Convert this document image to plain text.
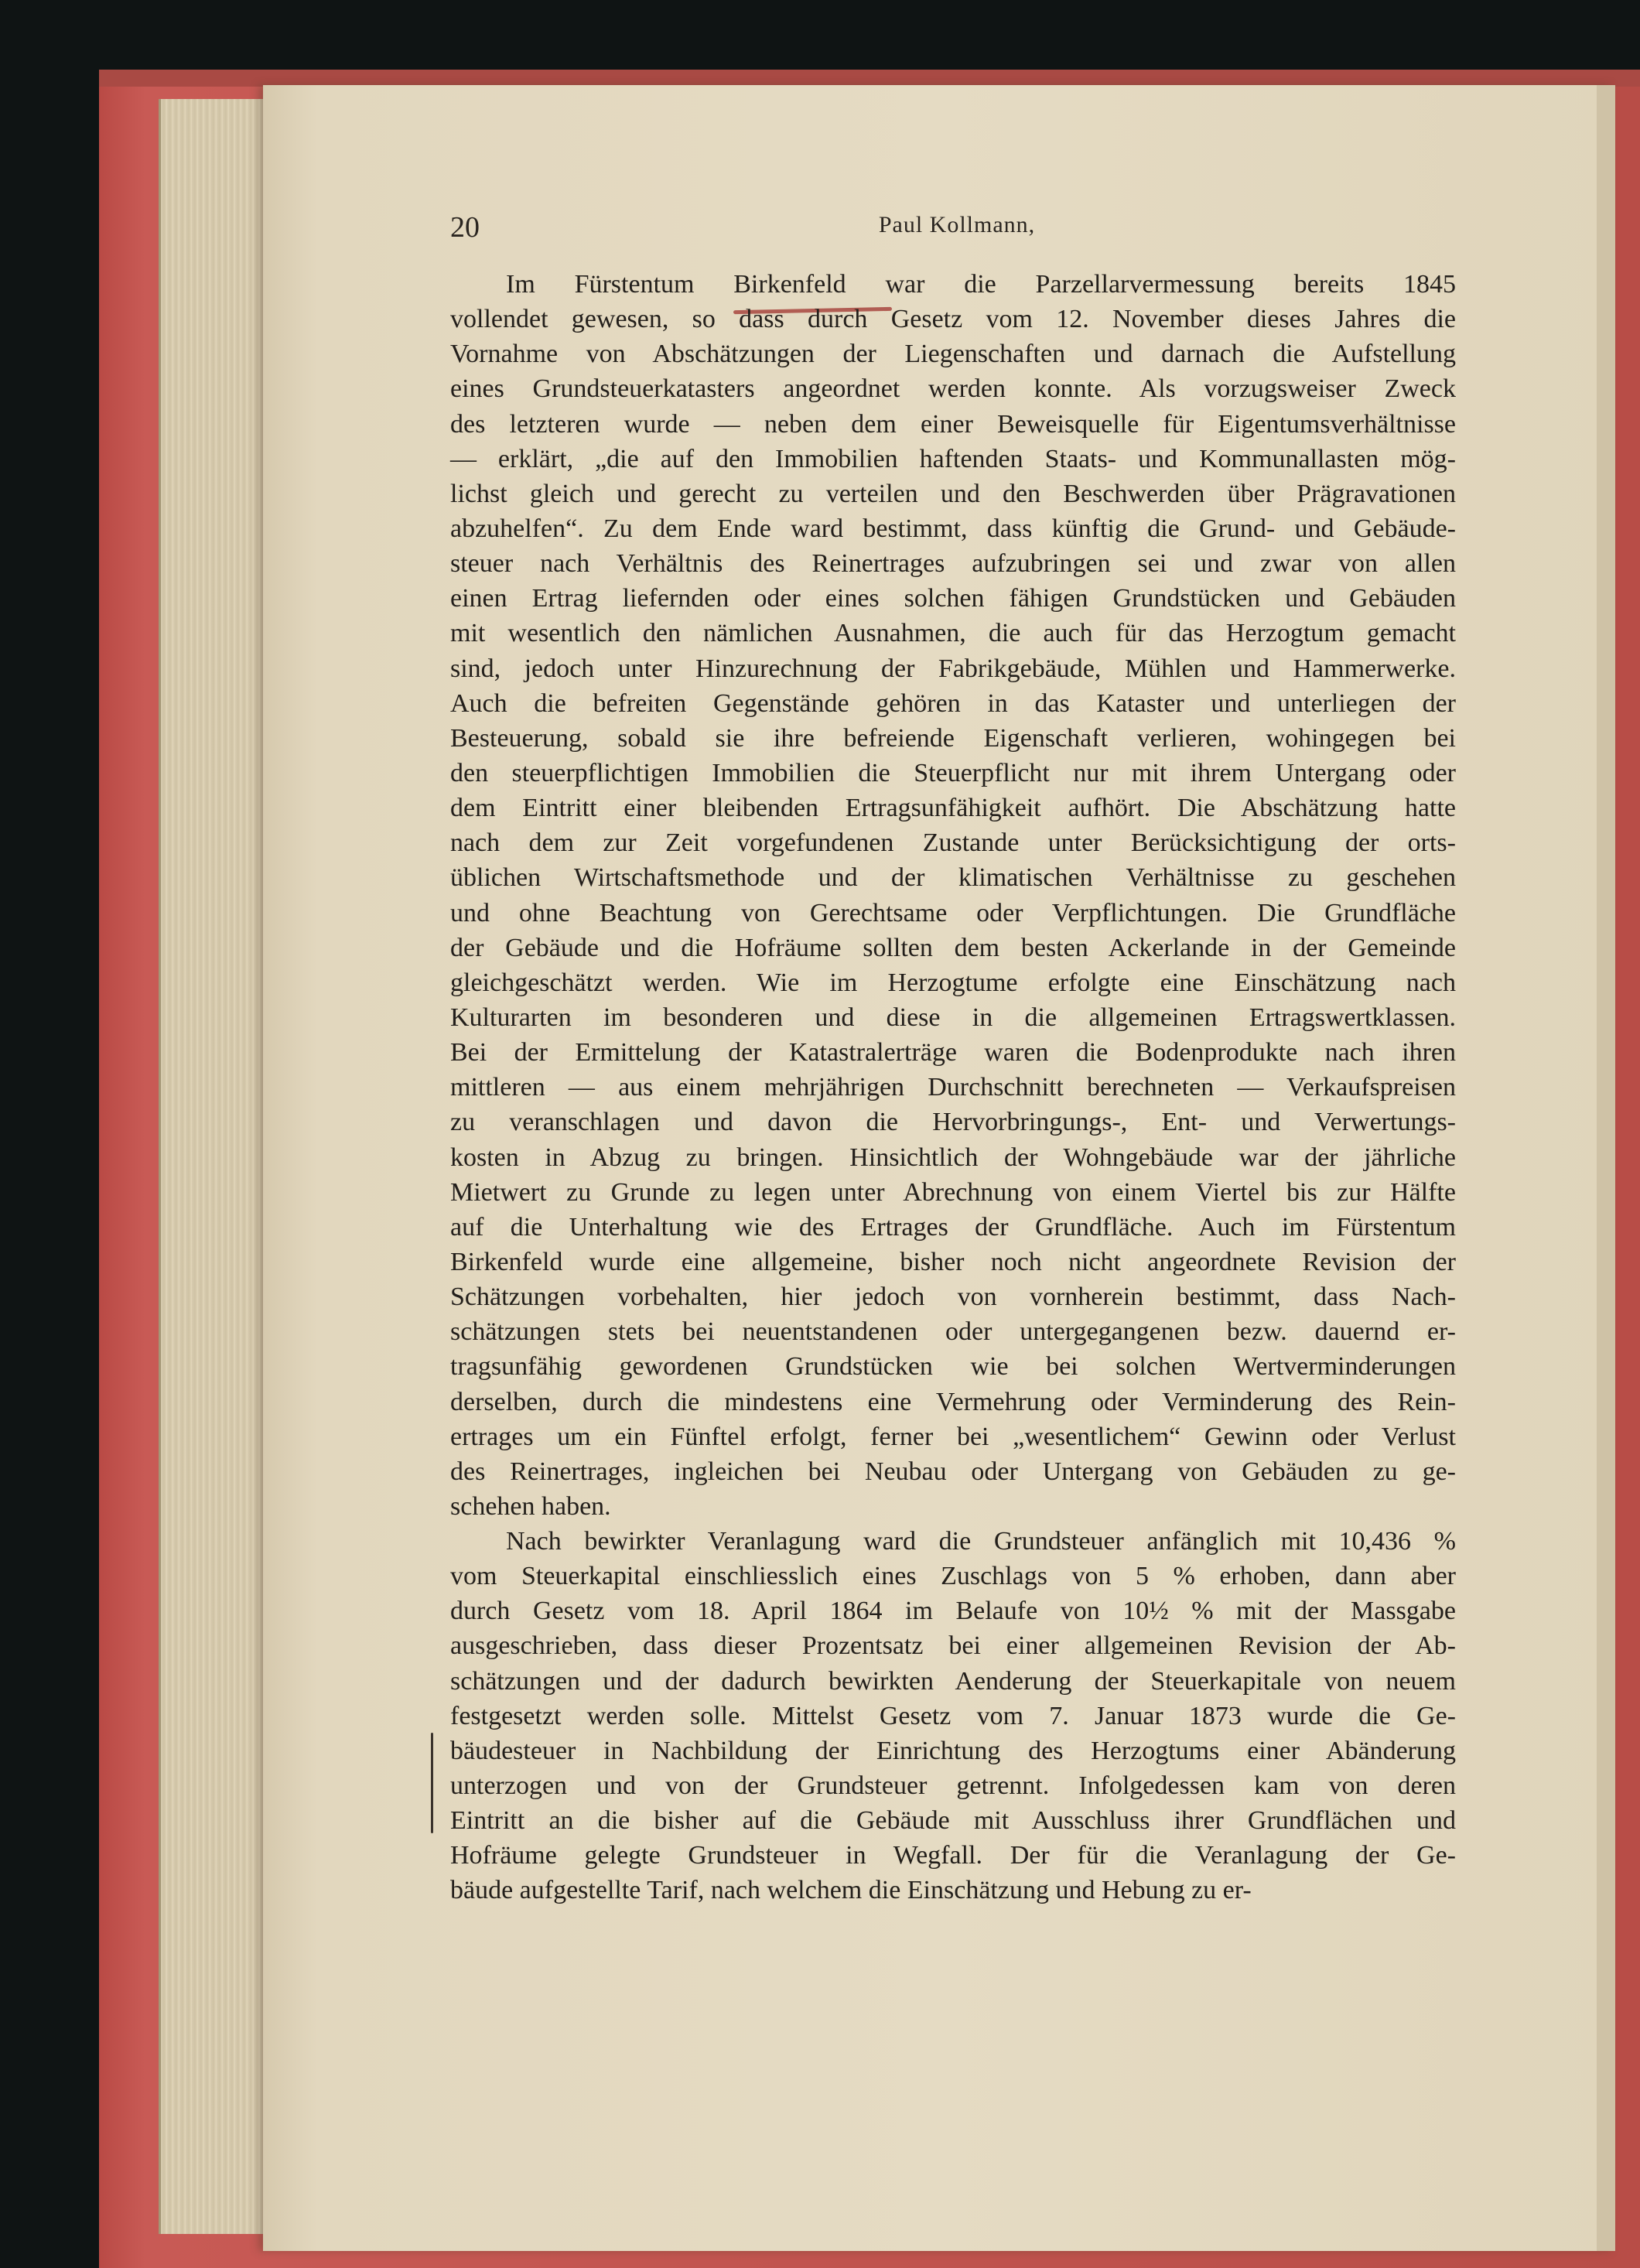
20	Paul Kollmann,
Im Fürstentum Birkenfeld war die Parzellarvermessung bereits 1845
vollendet gewesen, so dass durch Gesetz vom 12. November dieses Jahres die
Vornahme von Abschätzungen der Liegenschaften und darnach die Aufstellung
eines Grundsteuerkatasters angeordnet werden konnte. Als vorzugsweiser Zweck
des letzteren wurde — neben dem einer Beweisquelle für Eigentumsverhältnisse
— erklärt, „die auf den Immobilien haftenden Staats- und Kommunallasten mög-
lichst gleich und gerecht zu verteilen und den Beschwerden über Prägravationen
abzuhelfen“. Zu dem Ende ward bestimmt, dass künftig die Grund- und Gebäude-
steuer nach Verhältnis des Reinertrages aufzubringen sei und zwar von allen
einen Ertrag liefernden oder eines solchen fähigen Grundstücken und Gebäuden
mit wesentlich den nämlichen Ausnahmen, die auch für das Herzogtum gemacht
sind, jedoch unter Hinzurechnung der Fabrikgebäude, Mühlen und Hammerwerke.
Auch die befreiten Gegenstände gehören in das Kataster und unterliegen der
Besteuerung, sobald sie ihre befreiende Eigenschaft verlieren, wohingegen bei
den steuerpflichtigen Immobilien die Steuerpflicht nur mit ihrem Untergang oder
dem Eintritt einer bleibenden Ertragsunfähigkeit aufhört. Die Abschätzung hatte
nach dem zur Zeit vorgefundenen Zustande unter Berücksichtigung der orts-
üblichen Wirtschaftsmethode und der klimatischen Verhältnisse zu geschehen
und ohne Beachtung von Gerechtsame oder Verpflichtungen. Die Grundfläche
der Gebäude und die Hofräume sollten dem besten Ackerlande in der Gemeinde
gleichgeschätzt werden. Wie im Herzogtume erfolgte eine Einschätzung nach
Kulturarten im besonderen und diese in die allgemeinen Ertragswertklassen.
Bei der Ermittelung der Katastralerträge waren die Bodenprodukte nach ihren
mittleren — aus einem mehrjährigen Durchschnitt berechneten — Verkaufspreisen
zu veranschlagen und davon die Hervorbringungs-, Ent- und Verwertungs-
kosten in Abzug zu bringen. Hinsichtlich der Wohngebäude war der jährliche
Mietwert zu Grunde zu legen unter Abrechnung von einem Viertel bis zur Hälfte
auf die Unterhaltung wie des Ertrages der Grundfläche. Auch im Fürstentum
Birkenfeld wurde eine allgemeine, bisher noch nicht angeordnete Revision der
Schätzungen vorbehalten, hier jedoch von vornherein bestimmt, dass Nach-
schätzungen stets bei neuentstandenen oder untergegangenen bezw. dauernd er-
tragsunfähig gewordenen Grundstücken wie bei solchen Wertverminderungen
derselben, durch die mindestens eine Vermehrung oder Verminderung des Rein-
ertrages um ein Fünftel erfolgt, ferner bei „wesentlichem“ Gewinn oder Verlust
des Reinertrages, ingleichen bei Neubau oder Untergang von Gebäuden zu ge-
schehen haben.
Nach bewirkter Veranlagung ward die Grundsteuer anfänglich mit 10,436 %
vom Steuerkapital einschliesslich eines Zuschlags von 5 % erhoben, dann aber
durch Gesetz vom 18. April 1864 im Belaufe von 10½ % mit der Massgabe
ausgeschrieben, dass dieser Prozentsatz bei einer allgemeinen Revision der Ab-
schätzungen und der dadurch bewirkten Aenderung der Steuerkapitale von neuem
festgesetzt werden solle. Mittelst Gesetz vom 7. Januar 1873 wurde die Ge-
bäudesteuer in Nachbildung der Einrichtung des Herzogtums einer Abänderung
unterzogen und von der Grundsteuer getrennt. Infolgedessen kam von deren
Eintritt an die bisher auf die Gebäude mit Ausschluss ihrer Grundflächen und
Hofräume gelegte Grundsteuer in Wegfall. Der für die Veranlagung der Ge-
bäude aufgestellte Tarif, nach welchem die Einschätzung und Hebung zu er-
